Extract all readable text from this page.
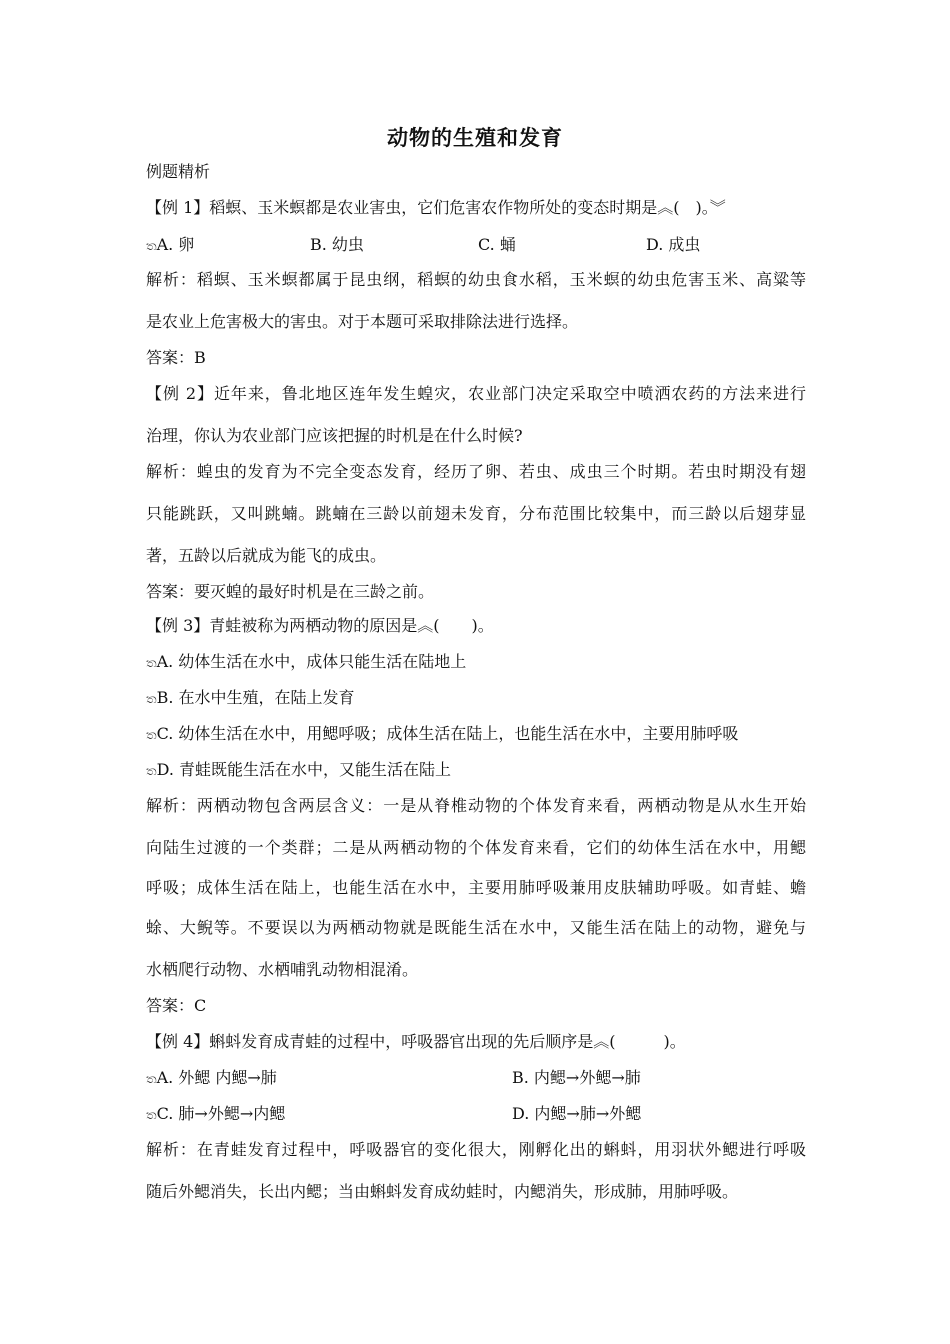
动物的生殖和发育
例题精析
【例 1】稻螟、玉米螟都是农业害虫，它们危害农作物所处的变态时期是︽(　)。︾
තA. 卵	B. 幼虫	C. 蛹	D. 成虫
解析：稻螟、玉米螟都属于昆虫纲，稻螟的幼虫食水稻，玉米螟的幼虫危害玉米、高粱等
是农业上危害极大的害虫。对于本题可采取排除法进行选择。
答案：B
【例 2】近年来，鲁北地区连年发生蝗灾，农业部门决定采取空中喷洒农药的方法来进行
治理，你认为农业部门应该把握的时机是在什么时候?
解析：蝗虫的发育为不完全变态发育，经历了卵、若虫、成虫三个时期。若虫时期没有翅
只能跳跃，又叫跳蝻。跳蝻在三龄以前翅未发育，分布范围比较集中，而三龄以后翅芽显
著，五龄以后就成为能飞的成虫。
答案：要灭蝗的最好时机是在三龄之前。
【例 3】青蛙被称为两栖动物的原因是︽(　　)。
තA. 幼体生活在水中，成体只能生活在陆地上
තB. 在水中生殖，在陆上发育
තC. 幼体生活在水中，用鳃呼吸；成体生活在陆上，也能生活在水中，主要用肺呼吸
තD. 青蛙既能生活在水中，又能生活在陆上
解析：两栖动物包含两层含义：一是从脊椎动物的个体发育来看，两栖动物是从水生开始
向陆生过渡的一个类群；二是从两栖动物的个体发育来看，它们的幼体生活在水中，用鳃
呼吸；成体生活在陆上，也能生活在水中，主要用肺呼吸兼用皮肤辅助呼吸。如青蛙、蟾
蜍、大鲵等。不要误以为两栖动物就是既能生活在水中，又能生活在陆上的动物，避免与
水栖爬行动物、水栖哺乳动物相混淆。
答案：C
【例 4】蝌蚪发育成青蛙的过程中，呼吸器官出现的先后顺序是︽(　　　)。
තA. 外鳃 内鳃→肺	B. 内鳃→外鳃→肺
තC. 肺→外鳃→内鳃	D. 内鳃→肺→外鳃
解析：在青蛙发育过程中，呼吸器官的变化很大，刚孵化出的蝌蚪，用羽状外鳃进行呼吸
随后外鳃消失，长出内鳃；当由蝌蚪发育成幼蛙时，内鳃消失，形成肺，用肺呼吸。
